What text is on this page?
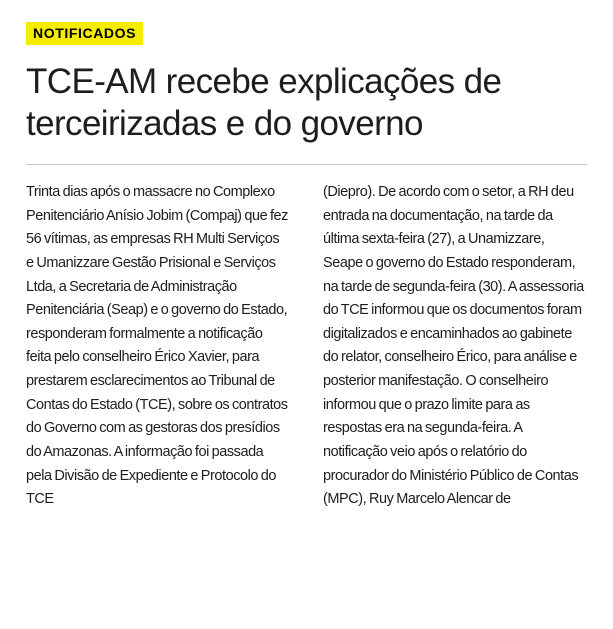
NOTIFICADOS
TCE-AM recebe explicações de terceirizadas e do governo

Trinta dias após o massacre no Complexo Penitenciário Anísio Jobim (Compaj) que fez 56 vítimas, as empresas RH Multi Serviços e Umanizzare Gestão Prisional e Serviços Ltda, a Secretaria de Administração Penitenciária (Seap) e o governo do Estado, responderam formalmente a notificação feita pelo conselheiro Érico Xavier, para prestarem esclarecimentos ao Tribunal de Contas do Estado (TCE), sobre os contratos do Governo com as gestoras dos presídios do Amazonas. A informação foi passada pela Divisão de Expediente e Protocolo do TCE

(Diepro). De acordo com o setor, a RH deu entrada na documentação, na tarde da última sexta-feira (27), a Unamizzare, Seape o governo do Estado responderam, na tarde de segunda-feira (30). A assessoria do TCE informou que os documentos foram digitalizados e encaminhados ao gabinete do relator, conselheiro Érico, para análise e posterior manifestação. O conselheiro informou que o prazo limite para as respostas era na segunda-feira. A notificação veio após o relatório do procurador do Ministério Público de Contas (MPC), Ruy Marcelo Alencar de
